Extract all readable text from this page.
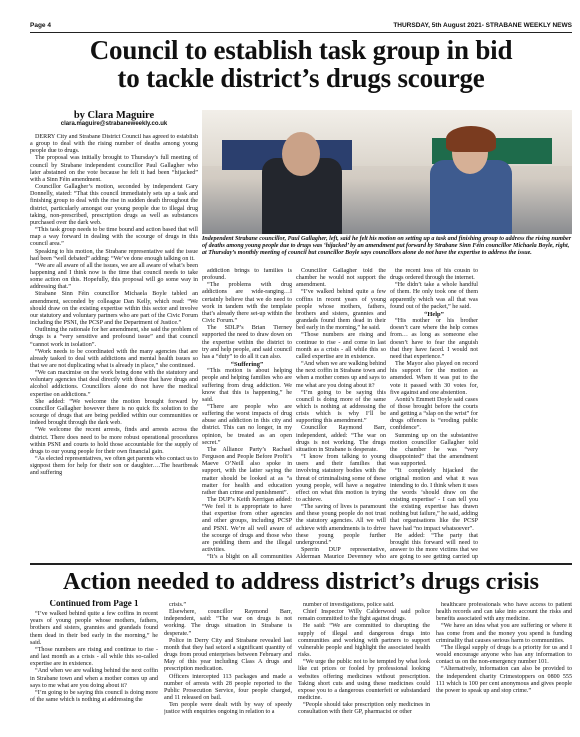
Page 4	THURSDAY, 5th August 2021- STRABANE WEEKLY NEWS
Council to establish task group in bid
to tackle district’s drugs scourge
by Clara Maguire
clara.maguire@strabaneweekly.co.uk

DERRY City and Strabane District Council has agreed to establish a group to deal with the rising number of deaths among young people due to drugs.

The proposal was initially brought to Thursday’s full meeting of council by Strabane independent councillor Paul Gallagher who later abstained on the vote because he felt it had been “hijacked” with a Sinn Féin amendment.

Councillor Gallagher’s motion, seconded by independent Gary Donnelly, stated: “That this council immediately sets up a task and finishing group to deal with the rise in sudden death throughout the district, particularly amongst our young people due to illegal drug taking, non-prescribed, prescription drugs as well as substances purchased over the dark web.

“This task group needs to be time bound and action based that will map a way forward in dealing with the scourge of drugs in this council area.”

Speaking to his motion, the Strabane representative said the issue had been “well debated” adding: “We’ve done enough talking on it.

“We are all aware of all the issues, we are all aware of what’s been happening and I think now is the time that council needs to take some action on this. Hopefully, this proposal will go some way in addressing that.”

Strabane Sinn Féin councillor Michaela Boyle tabled an amendment, seconded by colleague Dan Kelly, which read: “We should draw on the existing expertise within this sector and involve our statutory and voluntary partners who are part of the Civic Forum including the PSNI, the PCSP and the Department of Justice.”

Outlining the rationale for her amendment, she said the problem of drugs is a “very sensitive and profound issue” and that council “cannot work in isolation”.

“Work needs to be coordinated with the many agencies that are already tasked to deal with addictions and mental health issues so that we are not duplicating what is already in place,” she continued.

“We can maximise on the work being done with the statutory and voluntary agencies that deal directly with those that have drugs and alcohol addictions. Councillors alone do not have the medical expertise on addictions.”

She added: “We welcome the motion brought forward by councillor Gallagher however there is no quick fix solution to the scourge of drugs that are being peddled within our communities or indeed brought through the dark web.

“We welcome the recent arrests, finds and arrests across the district. There does need to be more robust operational procedures within PSNI and courts to hold those accountable for the supply of drugs to our young people for their own financial gain.

“As elected representatives, we often get parents who contact us to signpost them for help for their son or daughter….The heartbreak and suffering

Independent Strabane councillor, Paul Gallagher, left, said he felt his motion on setting up a task and finishing group to address the rising number of deaths among young people due to drugs was ‘hijacked’ by an amendment put forward by Strabane Sinn Féin councillor Michaela Boyle, right, at Thursday’s monthly meeting of council but councillor Boyle says councillors alone do not have the expertise to address the issue.

addiction brings to families is profound.

“The problems with drug addictions are wide-ranging…I certainly believe that we do need to work in tandem with the template that’s already there set-up within the Civic Forum.”

The SDLP’s Brian Tierney supported the need to draw down on the expertise within the district to try and help people, and said council has a “duty” to do all it can also.

“Suffering”

“This motion is about helping people and helping families who are suffering from drug addiction. We know that this is happening,” he said.

“There are people who are suffering the worst impacts of drug abuse and addiction in this city and district. This can no longer, in my opinion, be treated as an open secret.”

The Alliance Party’s Rachael Ferguson and People Before Profit’s Maeve O’Neill also spoke in support, with the latter saying the matter should be looked at as “a matter for health and education rather than crime and punishment”.

The DUP’s Keith Kerrigan added: “We feel it is appropriate to have that expertise from other agencies and other groups, including PCSP and PSNI. We’re all well aware of the scourge of drugs and those who are peddling them and the illegal activities.

“It’s a blight on all communities

Councillor Gallagher told the chamber he would not support the amendment.

“I’ve walked behind quite a few coffins in recent years of young people whose mothers, fathers, brothers and sisters, grannies and grandads found them dead in their bed early in the morning,” he said.

“Those numbers are rising and continue to rise - and come in last month as a crisis - all while this so called expertise are in existence.

“And when we are walking behind the next coffin in Strabane town and when a mother comes up and says to me what are you doing about it?

“I’m going to be saying this council is doing more of the same which is nothing at addressing the crisis which is why I’ll be supporting this amendment.”

Councillor Raymond Barr, independent, added: “The war on drugs is not working. The drugs situation in Strabane is desperate.

“I know from talking to young users and their families that involving statutory bodies with the threat of criminalising some of these young people, will have a negative effect on what this motion is trying to achieve.

“The saving of lives is paramount and these young people do not trust the statutory agencies. All we will achieve with amendments is to drive these young people further underground.”

Sperrin DUP representative, Alderman Maurice Devenney who

the recent loss of his cousin to drugs ordered through the internet.

“He didn’t take a whole handful of them. He only took one of them apparently which was all that was found out of the packet,” he said.

“Help”

“His mother or his brother doesn’t care where the help comes from… as long as someone else doesn’t have to fear the anguish that they have faced. I would not need that experience.”

The Mayor also played on record his support for the motion as amended. When it was put to the vote it passed with 30 votes for, five against and one abstention.

Aontú’s Emmett Doyle said cases of those brought before the courts and getting a “slap on the wrist” for drugs offences is “eroding public confidence”.

Summing up on the substantive motion councillor Gallagher told the chamber he was “very disappointed” that the amendment was supported.

“It completely hijacked the original motion and what it was intending to do. I think when it uses the words ‘should draw on the existing expertise’ - I can tell you the existing expertise has drawn nothing but failure,” he said, adding that organisations like the PCSP have had “no impact whatsoever”.

He added: “The party that brought this forward will need to answer to the more victims that we are going to see getting carried up

Action needed to address district’s drugs crisis
Continued from Page 1

“I’ve walked behind quite a few coffins in recent years of young people whose mothers, fathers, brothers and sisters, grannies and grandads found them dead in their bed early in the morning,” he said.

“Those numbers are rising and continue to rise - and last month as a crisis - all while this so-called expertise are in existence.

“And when we are walking behind the next coffin in Strabane town and when a mother comes up and says to me what are you doing about it?

“I’m going to be saying this council is doing more of the same which is nothing at addressing the

crisis.”

Elsewhere, councillor Raymond Barr, independent, said: “The war on drugs is not working. The drugs situation in Strabane is desperate.”

Police in Derry City and Strabane revealed last month that they had seized a significant quantity of drugs from proud enterprises between February and May of this year including Class A drugs and prescription medication.

Officers intercepted 113 packages and made a number of arrests with 28 people reported to the Public Prosecution Service, four people charged, and 11 released on bail.

Ten people were dealt with by way of speedy justice with enquiries ongoing in relation to a

number of investigations, police said.

Chief Inspector Willy Calderwood said police remain committed to the fight against drugs.

He said: “We are committed to disrupting the supply of illegal and dangerous drugs into communities and working with partners to support vulnerable people and highlight the associated health risks.

“We urge the public not to be tempted by what look like cut prices or fooled by professional looking websites offering medicines without prescription. Taking short cuts and using these medicines could expose you to a dangerous counterfeit or substandard medicine.

“People should take prescription only medicines in consultation with their GP, pharmacist or other

healthcare professionals who have access to patient health records and can take into account the risks and benefits associated with any medicine.

“We have an idea what you are suffering or where it has come from and the money you spend is funding criminality that causes serious harm to communities.

“The illegal supply of drugs is a priority for us and I would encourage anyone who has any information to contact us on the non-emergency number 101.

“Alternatively, information can also be provided to the independent charity Crimestoppers on 0800 555 111 which is 100 per cent anonymous and gives people the power to speak up and stop crime.”
